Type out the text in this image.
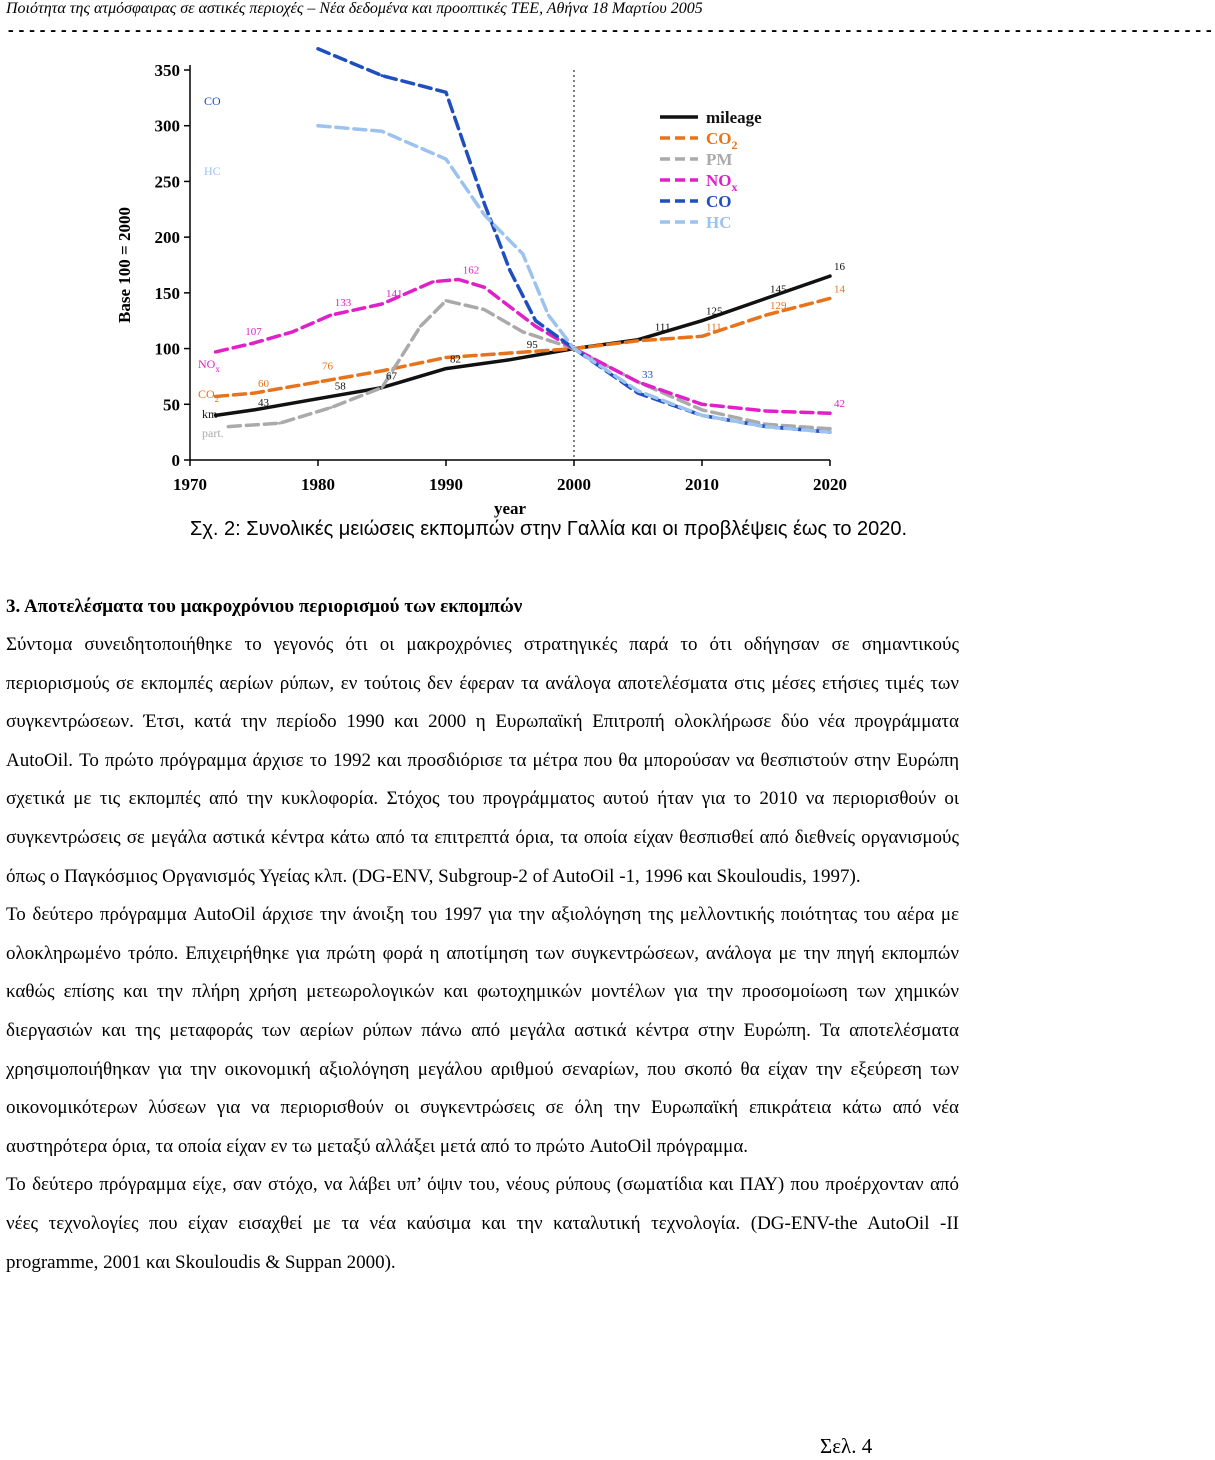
Ποιότητα της ατμόσφαιρας σε αστικές περιοχές – Νέα δεδομένα και προοπτικές ΤΕΕ, Αθήνα 18 Μαρτίου 2005
------------------------------------------------------------------------------------------------------------------
0
50
100
150
200
250
300
350
1970	1980	1990	2000	2010	2020
Base 100 = 2000
year
16
14
145
129
125
111
111
42
162
141
133
107
95
82
67
76
58
60
43
33
CO
HC
$NO_x$
$CO_2$
km
part.
mileage
$CO_2$
PM
$NO_x$
CO
HC
Σχ. 2: Συνολικές μειώσεις εκπομπών στην Γαλλία και οι προβλέψεις έως το 2020.
3. Αποτελέσματα του μακροχρόνιου περιορισμού των εκπομπών

Σύντομα συνειδητοποιήθηκε το γεγονός ότι οι μακροχρόνιες στρατηγικές παρά το ότι οδήγησαν σε σημαντικούς περιορισμούς σε εκπομπές αερίων ρύπων, εν τούτοις δεν έφεραν τα ανάλογα αποτελέσματα στις μέσες ετήσιες τιμές των συγκεντρώσεων. Έτσι, κατά την περίοδο 1990 και 2000 η Ευρωπαϊκή Επιτροπή ολοκλήρωσε δύο νέα προγράμματα AutoOil. Το πρώτο πρόγραμμα άρχισε το 1992 και προσδιόρισε τα μέτρα που θα μπορούσαν να θεσπιστούν στην Ευρώπη σχετικά με τις εκπομπές από την κυκλοφορία. Στόχος του προγράμματος αυτού ήταν για το 2010 να περιορισθούν οι συγκεντρώσεις σε μεγάλα αστικά κέντρα κάτω από τα επιτρεπτά όρια, τα οποία είχαν θεσπισθεί από διεθνείς οργανισμούς όπως ο Παγκόσμιος Οργανισμός Υγείας κλπ. (DG-ENV, Subgroup-2 of AutoOil -1, 1996 και Skouloudis, 1997).

Το δεύτερο πρόγραμμα AutoOil άρχισε την άνοιξη του 1997 για την αξιολόγηση της μελλοντικής ποιότητας του αέρα με ολοκληρωμένο τρόπο. Επιχειρήθηκε για πρώτη φορά η αποτίμηση των συγκεντρώσεων, ανάλογα με την πηγή εκπομπών καθώς επίσης και την πλήρη χρήση μετεωρολογικών και φωτοχημικών μοντέλων για την προσομοίωση των χημικών διεργασιών και της μεταφοράς των αερίων ρύπων πάνω από μεγάλα αστικά κέντρα στην Ευρώπη. Τα αποτελέσματα χρησιμοποιήθηκαν για την οικονομική αξιολόγηση μεγάλου αριθμού σεναρίων, που σκοπό θα είχαν την εξεύρεση των οικονομικότερων λύσεων για να περιορισθούν οι συγκεντρώσεις σε όλη την Ευρωπαϊκή επικράτεια κάτω από νέα αυστηρότερα όρια, τα οποία είχαν εν τω μεταξύ αλλάξει μετά από το πρώτο AutoOil πρόγραμμα.

Το δεύτερο πρόγραμμα είχε, σαν στόχο, να λάβει υπ’ όψιν του, νέους ρύπους (σωματίδια και ΠΑΥ) που προέρχονταν από νέες τεχνολογίες που είχαν εισαχθεί με τα νέα καύσιμα και την καταλυτική τεχνολογία. (DG-ENV-the AutoOil -II programme, 2001 και Skouloudis & Suppan 2000).

Σελ. 4
